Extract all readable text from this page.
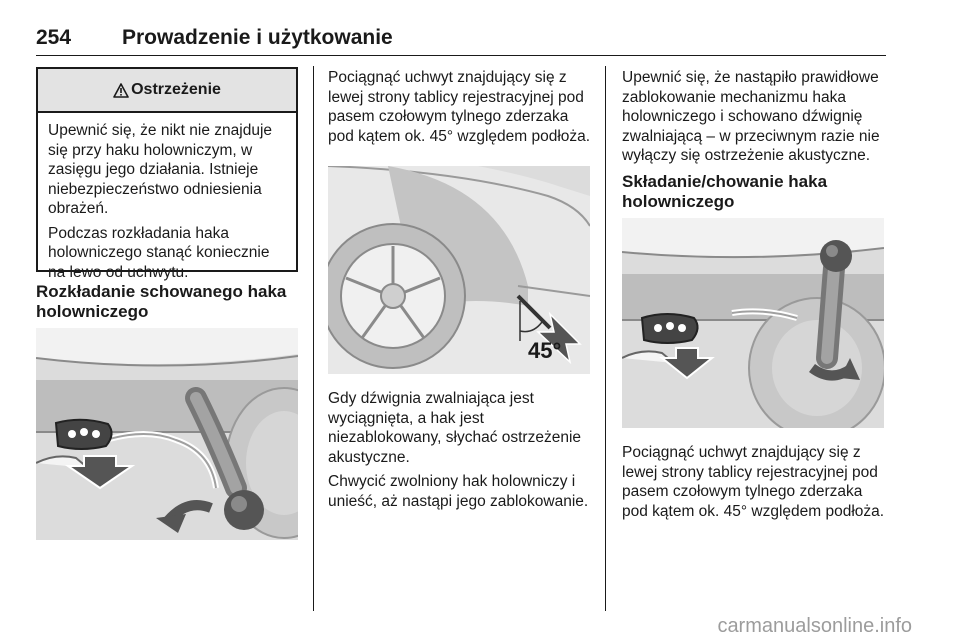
254 Prowadzenie i użytkowanie
Ostrzeżenie

Upewnić się, że nikt nie znajduje się przy haku holowniczym, w zasięgu jego działania. Istnieje niebezpieczeństwo odniesienia obrażeń.

Podczas rozkładania haka holowniczego stanąć koniecznie na lewo od uchwytu.

Rozkładanie schowanego haka holowniczego

Pociągnąć uchwyt znajdujący się z lewej strony tablicy rejestracyjnej pod pasem czołowym tylnego zderzaka pod kątem ok. 45° względem podłoża.

45°

Gdy dźwignia zwalniająca jest wyciągnięta, a hak jest niezablokowany, słychać ostrzeżenie akustyczne.

Chwycić zwolniony hak holowniczy i unieść, aż nastąpi jego zablokowanie.

Upewnić się, że nastąpiło prawidłowe zablokowanie mechanizmu haka holowniczego i schowano dźwignię zwalniającą – w przeciwnym razie nie wyłączy się ostrzeżenie akustyczne.

Składanie/chowanie haka holowniczego

Pociągnąć uchwyt znajdujący się z lewej strony tablicy rejestracyjnej pod pasem czołowym tylnego zderzaka pod kątem ok. 45° względem podłoża.

carmanualsonline.info
